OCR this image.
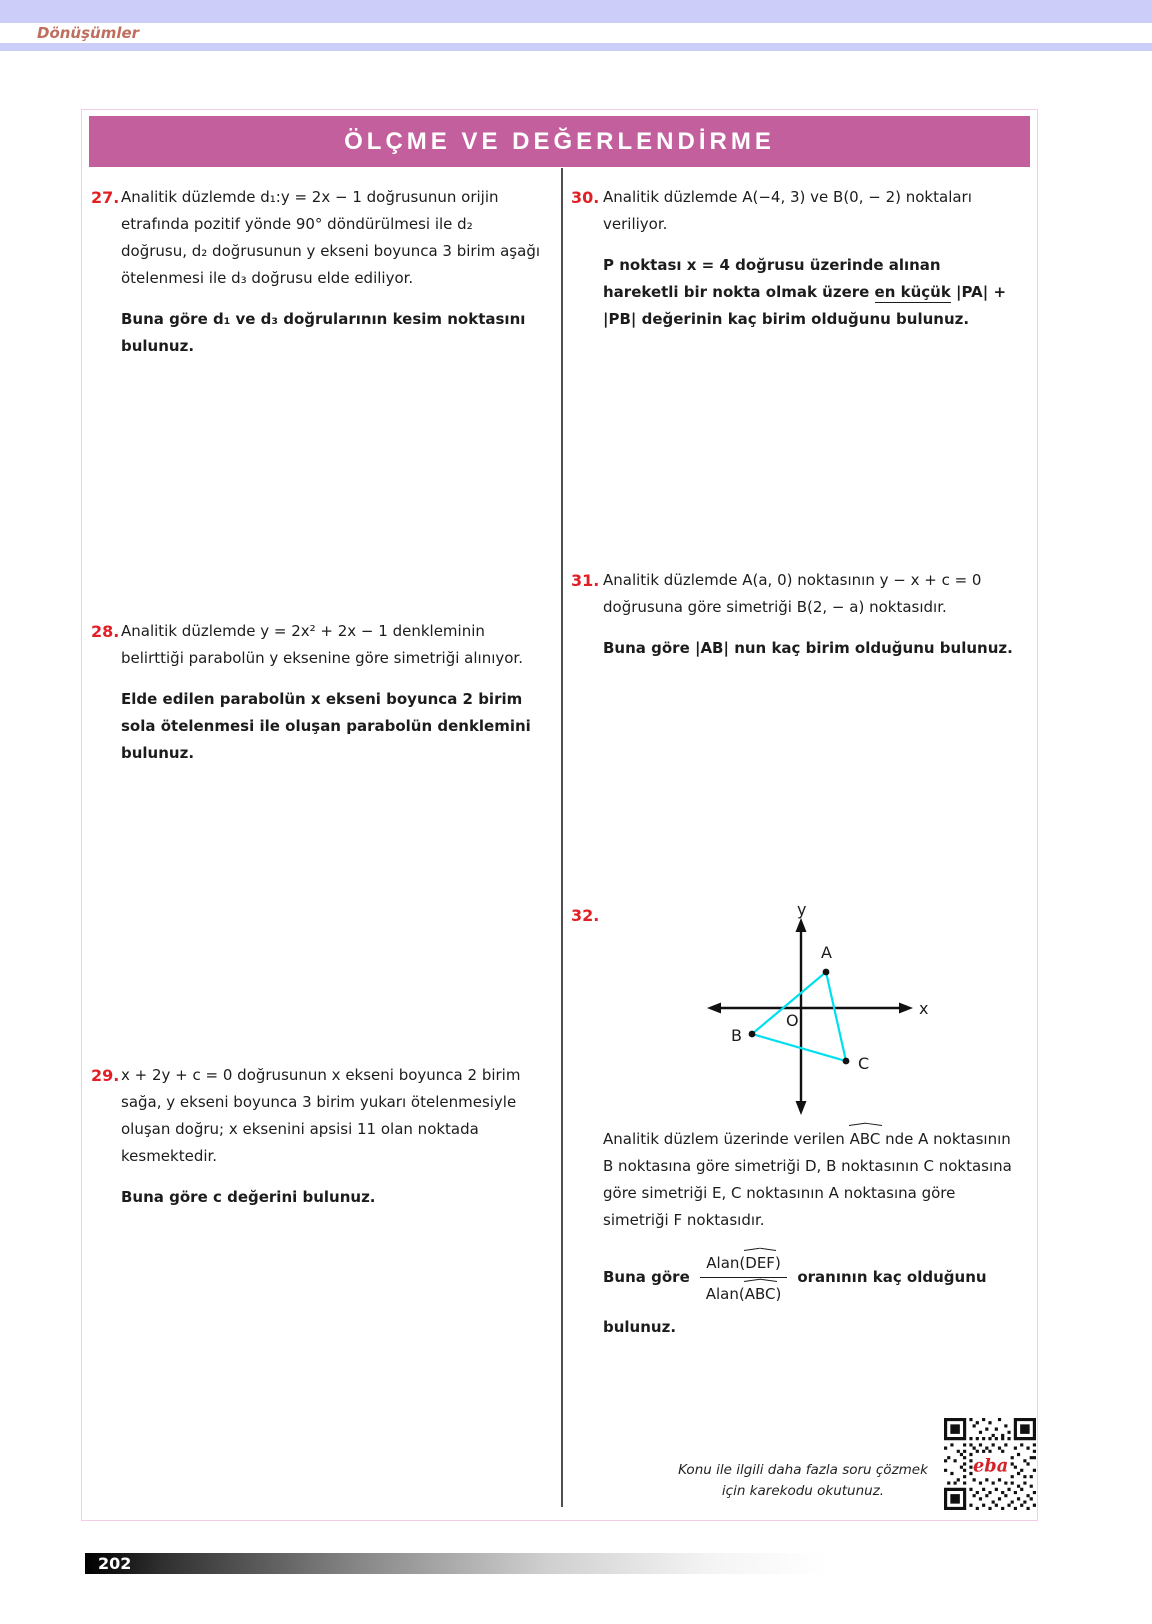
Dönüşümler
ÖLÇME VE DEĞERLENDİRME
27. Analitik düzlemde d₁:y = 2x − 1 doğrusunun orijin etrafında pozitif yönde 90° döndürülmesi ile d₂ doğrusu, d₂ doğrusunun y ekseni boyunca 3 birim aşağı ötelenmesi ile d₃ doğrusu elde ediliyor.

Buna göre d₁ ve d₃ doğrularının kesim noktasını bulunuz.

28. Analitik düzlemde y = 2x² + 2x − 1 denkleminin belirttiği parabolün y eksenine göre simetriği alınıyor.

Elde edilen parabolün x ekseni boyunca 2 birim sola ötelenmesi ile oluşan parabolün denklemini bulunuz.

29. x + 2y + c = 0 doğrusunun x ekseni boyunca 2 birim sağa, y ekseni boyunca 3 birim yukarı ötelenmesiyle oluşan doğru; x eksenini apsisi 11 olan noktada kesmektedir.

Buna göre c değerini bulunuz.

30. Analitik düzlemde A(−4, 3) ve B(0, − 2) noktaları veriliyor.

P noktası x = 4 doğrusu üzerinde alınan hareketli bir nokta olmak üzere en küçük |PA| + |PB| değerinin kaç birim olduğunu bulunuz.

31. Analitik düzlemde A(a, 0) noktasının y − x + c = 0 doğrusuna göre simetriği B(2, − a) noktasıdır.

Buna göre |AB| nun kaç birim olduğunu bulunuz.

32.	y
x
O
A
B
C

Analitik düzlem üzerinde verilen ABC nde A noktasının B noktasına göre simetriği D, B noktasının C noktasına göre simetriği E, C noktasının A noktasına göre simetriği F noktasıdır.

Buna göre $\frac{\text{Alan(DEF)}}{\text{Alan(ABC)}}$ oranının kaç olduğunu

bulunuz.

Konu ile ilgili daha fazla soru çözmek
için karekodu okutunuz.
eba
202
